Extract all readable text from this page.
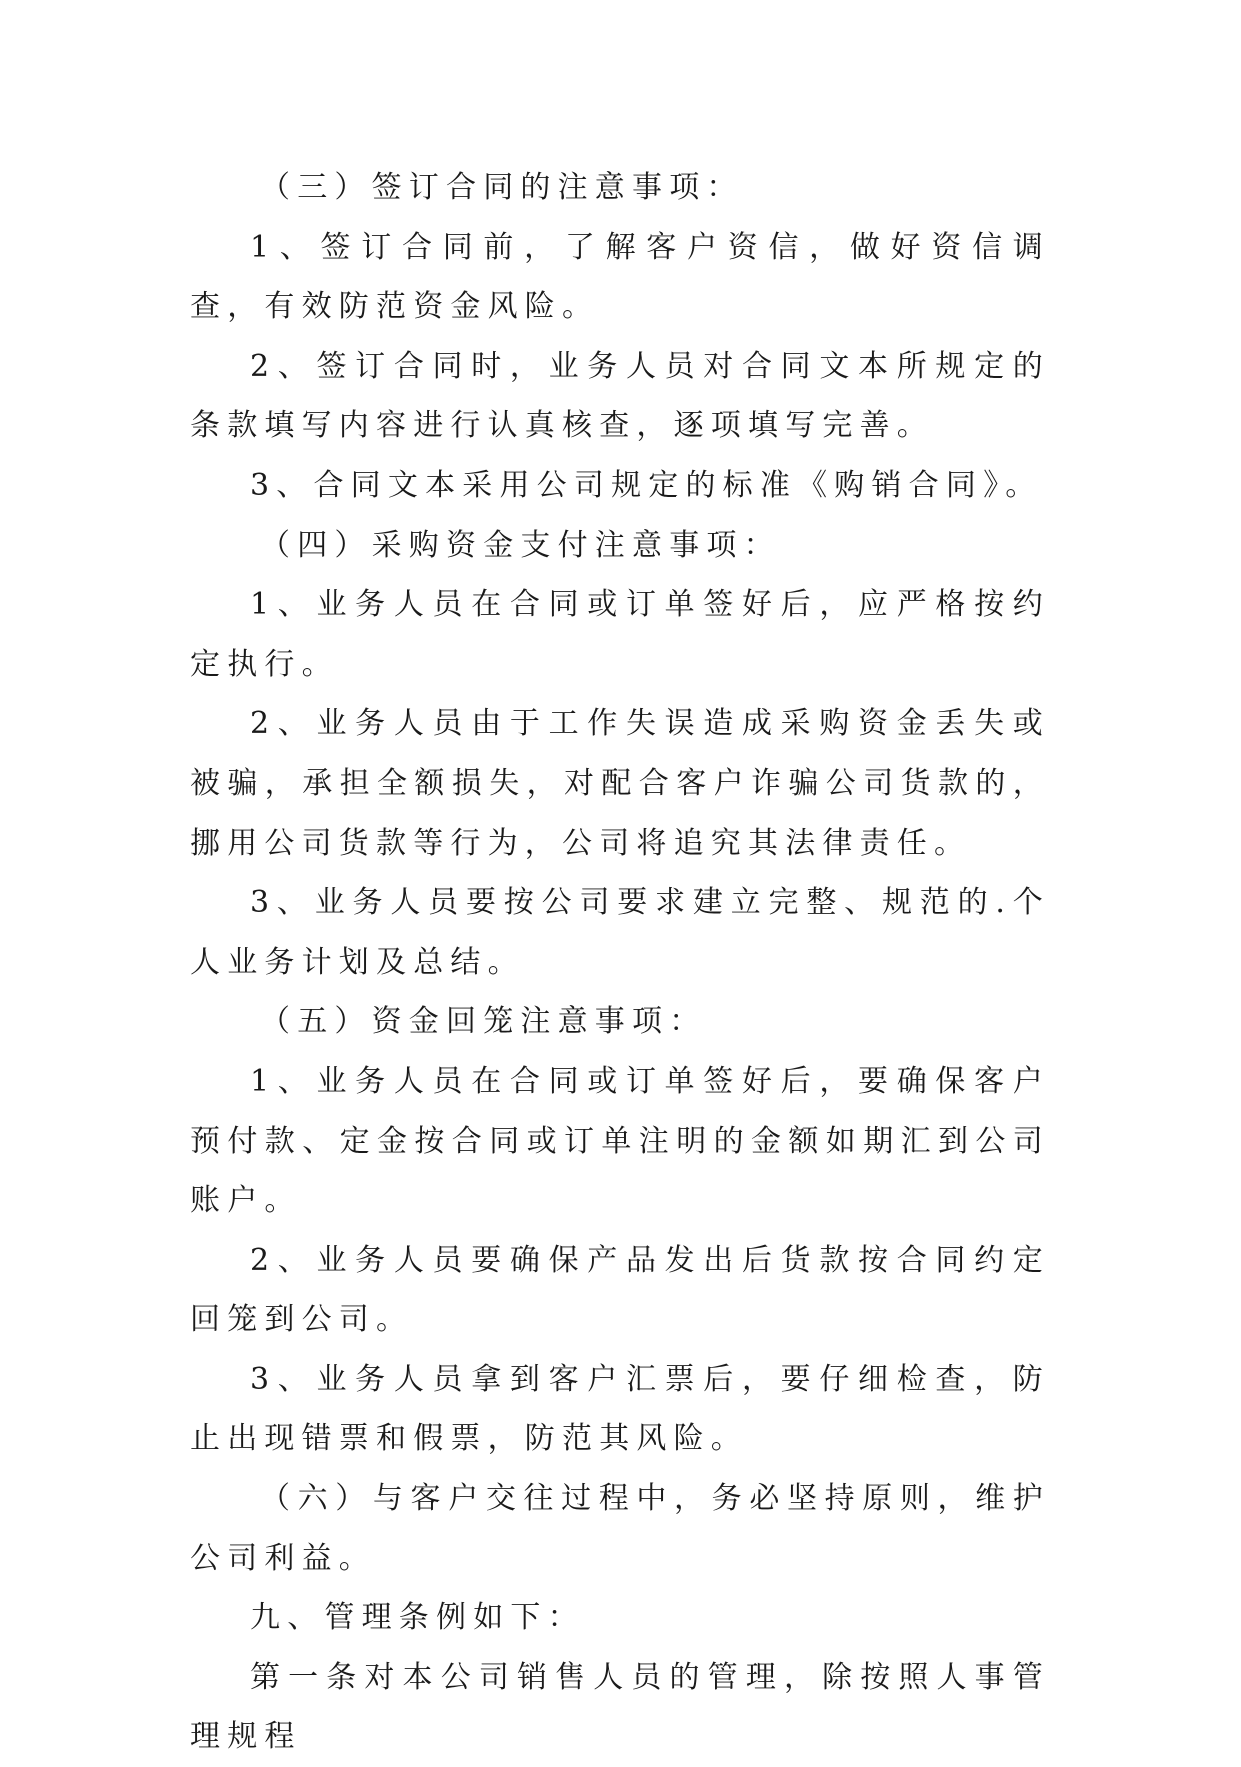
（三）签订合同的注意事项：

1、签订合同前，了解客户资信，做好资信调查，有效防范资金风险。

2、签订合同时，业务人员对合同文本所规定的条款填写内容进行认真核查，逐项填写完善。

3、合同文本采用公司规定的标准《购销合同》。

（四）采购资金支付注意事项：

1、业务人员在合同或订单签好后，应严格按约定执行。

2、业务人员由于工作失误造成采购资金丢失或被骗，承担全额损失，对配合客户诈骗公司货款的，挪用公司货款等行为，公司将追究其法律责任。

3、业务人员要按公司要求建立完整、规范的.个人业务计划及总结。

（五）资金回笼注意事项：

1、业务人员在合同或订单签好后，要确保客户预付款、定金按合同或订单注明的金额如期汇到公司账户。

2、业务人员要确保产品发出后货款按合同约定回笼到公司。

3、业务人员拿到客户汇票后，要仔细检查，防止出现错票和假票，防范其风险。

（六）与客户交往过程中，务必坚持原则，维护公司利益。

九、管理条例如下：

第一条对本公司销售人员的管理，除按照人事管理规程
